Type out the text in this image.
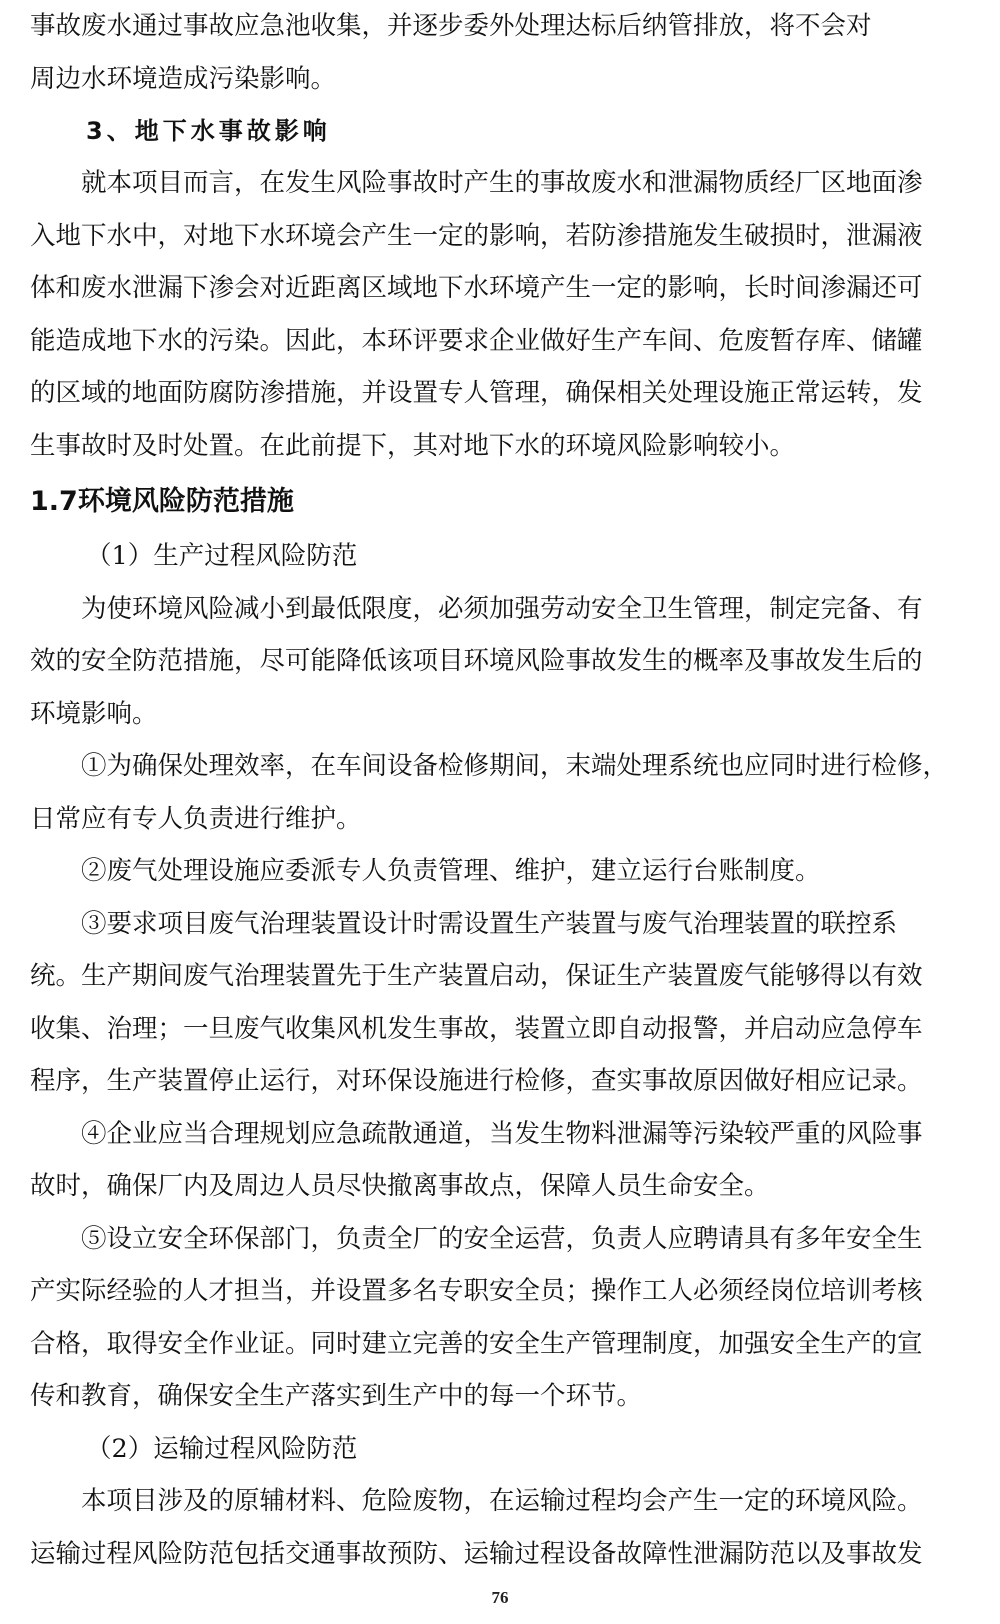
事故废水通过事故应急池收集，并逐步委外处理达标后纳管排放，将不会对
周边水环境造成污染影响。
3、地下水事故影响
就本项目而言，在发生风险事故时产生的事故废水和泄漏物质经厂区地面渗
入地下水中，对地下水环境会产生一定的影响，若防渗措施发生破损时，泄漏液
体和废水泄漏下渗会对近距离区域地下水环境产生一定的影响，长时间渗漏还可
能造成地下水的污染。因此，本环评要求企业做好生产车间、危废暂存库、储罐
的区域的地面防腐防渗措施，并设置专人管理，确保相关处理设施正常运转，发
生事故时及时处置。在此前提下，其对地下水的环境风险影响较小。
1.7环境风险防范措施
（1）生产过程风险防范
为使环境风险减小到最低限度，必须加强劳动安全卫生管理，制定完备、有
效的安全防范措施，尽可能降低该项目环境风险事故发生的概率及事故发生后的
环境影响。
①为确保处理效率，在车间设备检修期间，末端处理系统也应同时进行检修，
日常应有专人负责进行维护。
②废气处理设施应委派专人负责管理、维护，建立运行台账制度。
③要求项目废气治理装置设计时需设置生产装置与废气治理装置的联控系
统。生产期间废气治理装置先于生产装置启动，保证生产装置废气能够得以有效
收集、治理；一旦废气收集风机发生事故，装置立即自动报警，并启动应急停车
程序，生产装置停止运行，对环保设施进行检修，查实事故原因做好相应记录。
④企业应当合理规划应急疏散通道，当发生物料泄漏等污染较严重的风险事
故时，确保厂内及周边人员尽快撤离事故点，保障人员生命安全。
⑤设立安全环保部门，负责全厂的安全运营，负责人应聘请具有多年安全生
产实际经验的人才担当，并设置多名专职安全员；操作工人必须经岗位培训考核
合格，取得安全作业证。同时建立完善的安全生产管理制度，加强安全生产的宣
传和教育，确保安全生产落实到生产中的每一个环节。
（2）运输过程风险防范
本项目涉及的原辅材料、危险废物，在运输过程均会产生一定的环境风险。
运输过程风险防范包括交通事故预防、运输过程设备故障性泄漏防范以及事故发
76
